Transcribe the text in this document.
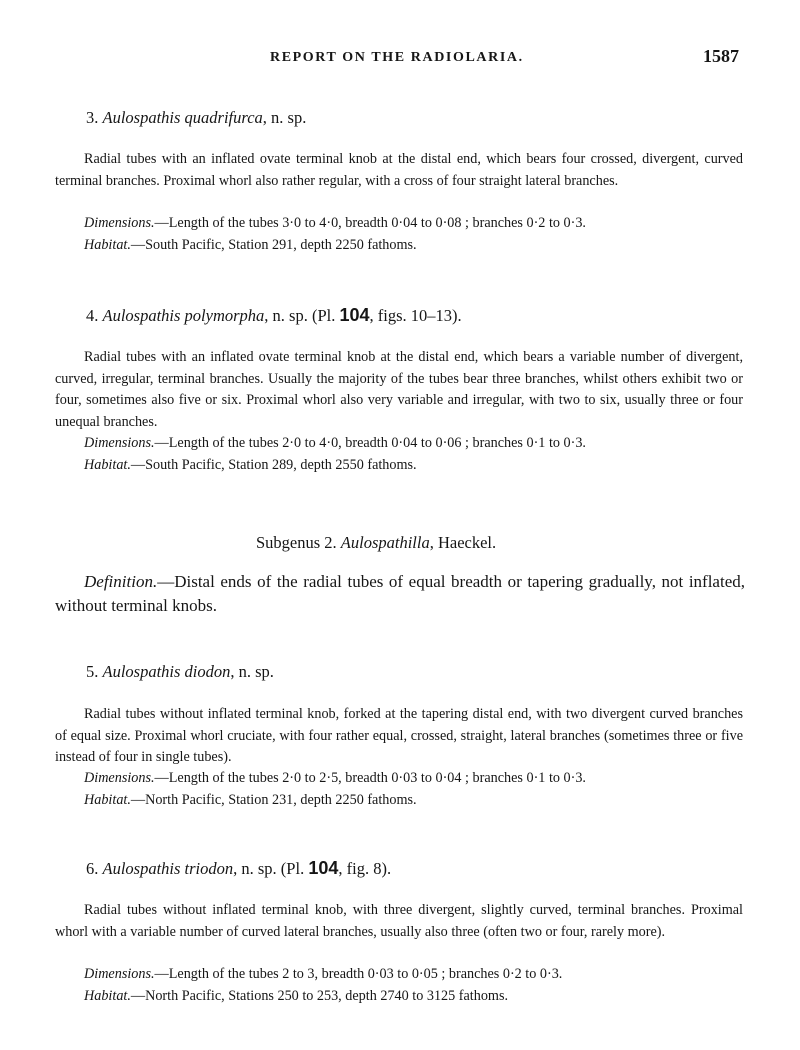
REPORT ON THE RADIOLARIA.	1587
3. Aulospathis quadrifurca, n. sp.
Radial tubes with an inflated ovate terminal knob at the distal end, which bears four crossed, divergent, curved terminal branches. Proximal whorl also rather regular, with a cross of four straight lateral branches.
Dimensions.—Length of the tubes 3·0 to 4·0, breadth 0·04 to 0·08 ; branches 0·2 to 0·3.
Habitat.—South Pacific, Station 291, depth 2250 fathoms.
4. Aulospathis polymorpha, n. sp. (Pl. 104, figs. 10–13).
Radial tubes with an inflated ovate terminal knob at the distal end, which bears a variable number of divergent, curved, irregular, terminal branches. Usually the majority of the tubes bear three branches, whilst others exhibit two or four, sometimes also five or six. Proximal whorl also very variable and irregular, with two to six, usually three or four unequal branches.
Dimensions.—Length of the tubes 2·0 to 4·0, breadth 0·04 to 0·06 ; branches 0·1 to 0·3.
Habitat.—South Pacific, Station 289, depth 2550 fathoms.
Subgenus 2. Aulospathilla, Haeckel.
Definition.—Distal ends of the radial tubes of equal breadth or tapering gradually, not inflated, without terminal knobs.
5. Aulospathis diodon, n. sp.
Radial tubes without inflated terminal knob, forked at the tapering distal end, with two divergent curved branches of equal size. Proximal whorl cruciate, with four rather equal, crossed, straight, lateral branches (sometimes three or five instead of four in single tubes).
Dimensions.—Length of the tubes 2·0 to 2·5, breadth 0·03 to 0·04 ; branches 0·1 to 0·3.
Habitat.—North Pacific, Station 231, depth 2250 fathoms.
6. Aulospathis triodon, n. sp. (Pl. 104, fig. 8).
Radial tubes without inflated terminal knob, with three divergent, slightly curved, terminal branches. Proximal whorl with a variable number of curved lateral branches, usually also three (often two or four, rarely more).
Dimensions.—Length of the tubes 2 to 3, breadth 0·03 to 0·05 ; branches 0·2 to 0·3.
Habitat.—North Pacific, Stations 250 to 253, depth 2740 to 3125 fathoms.
